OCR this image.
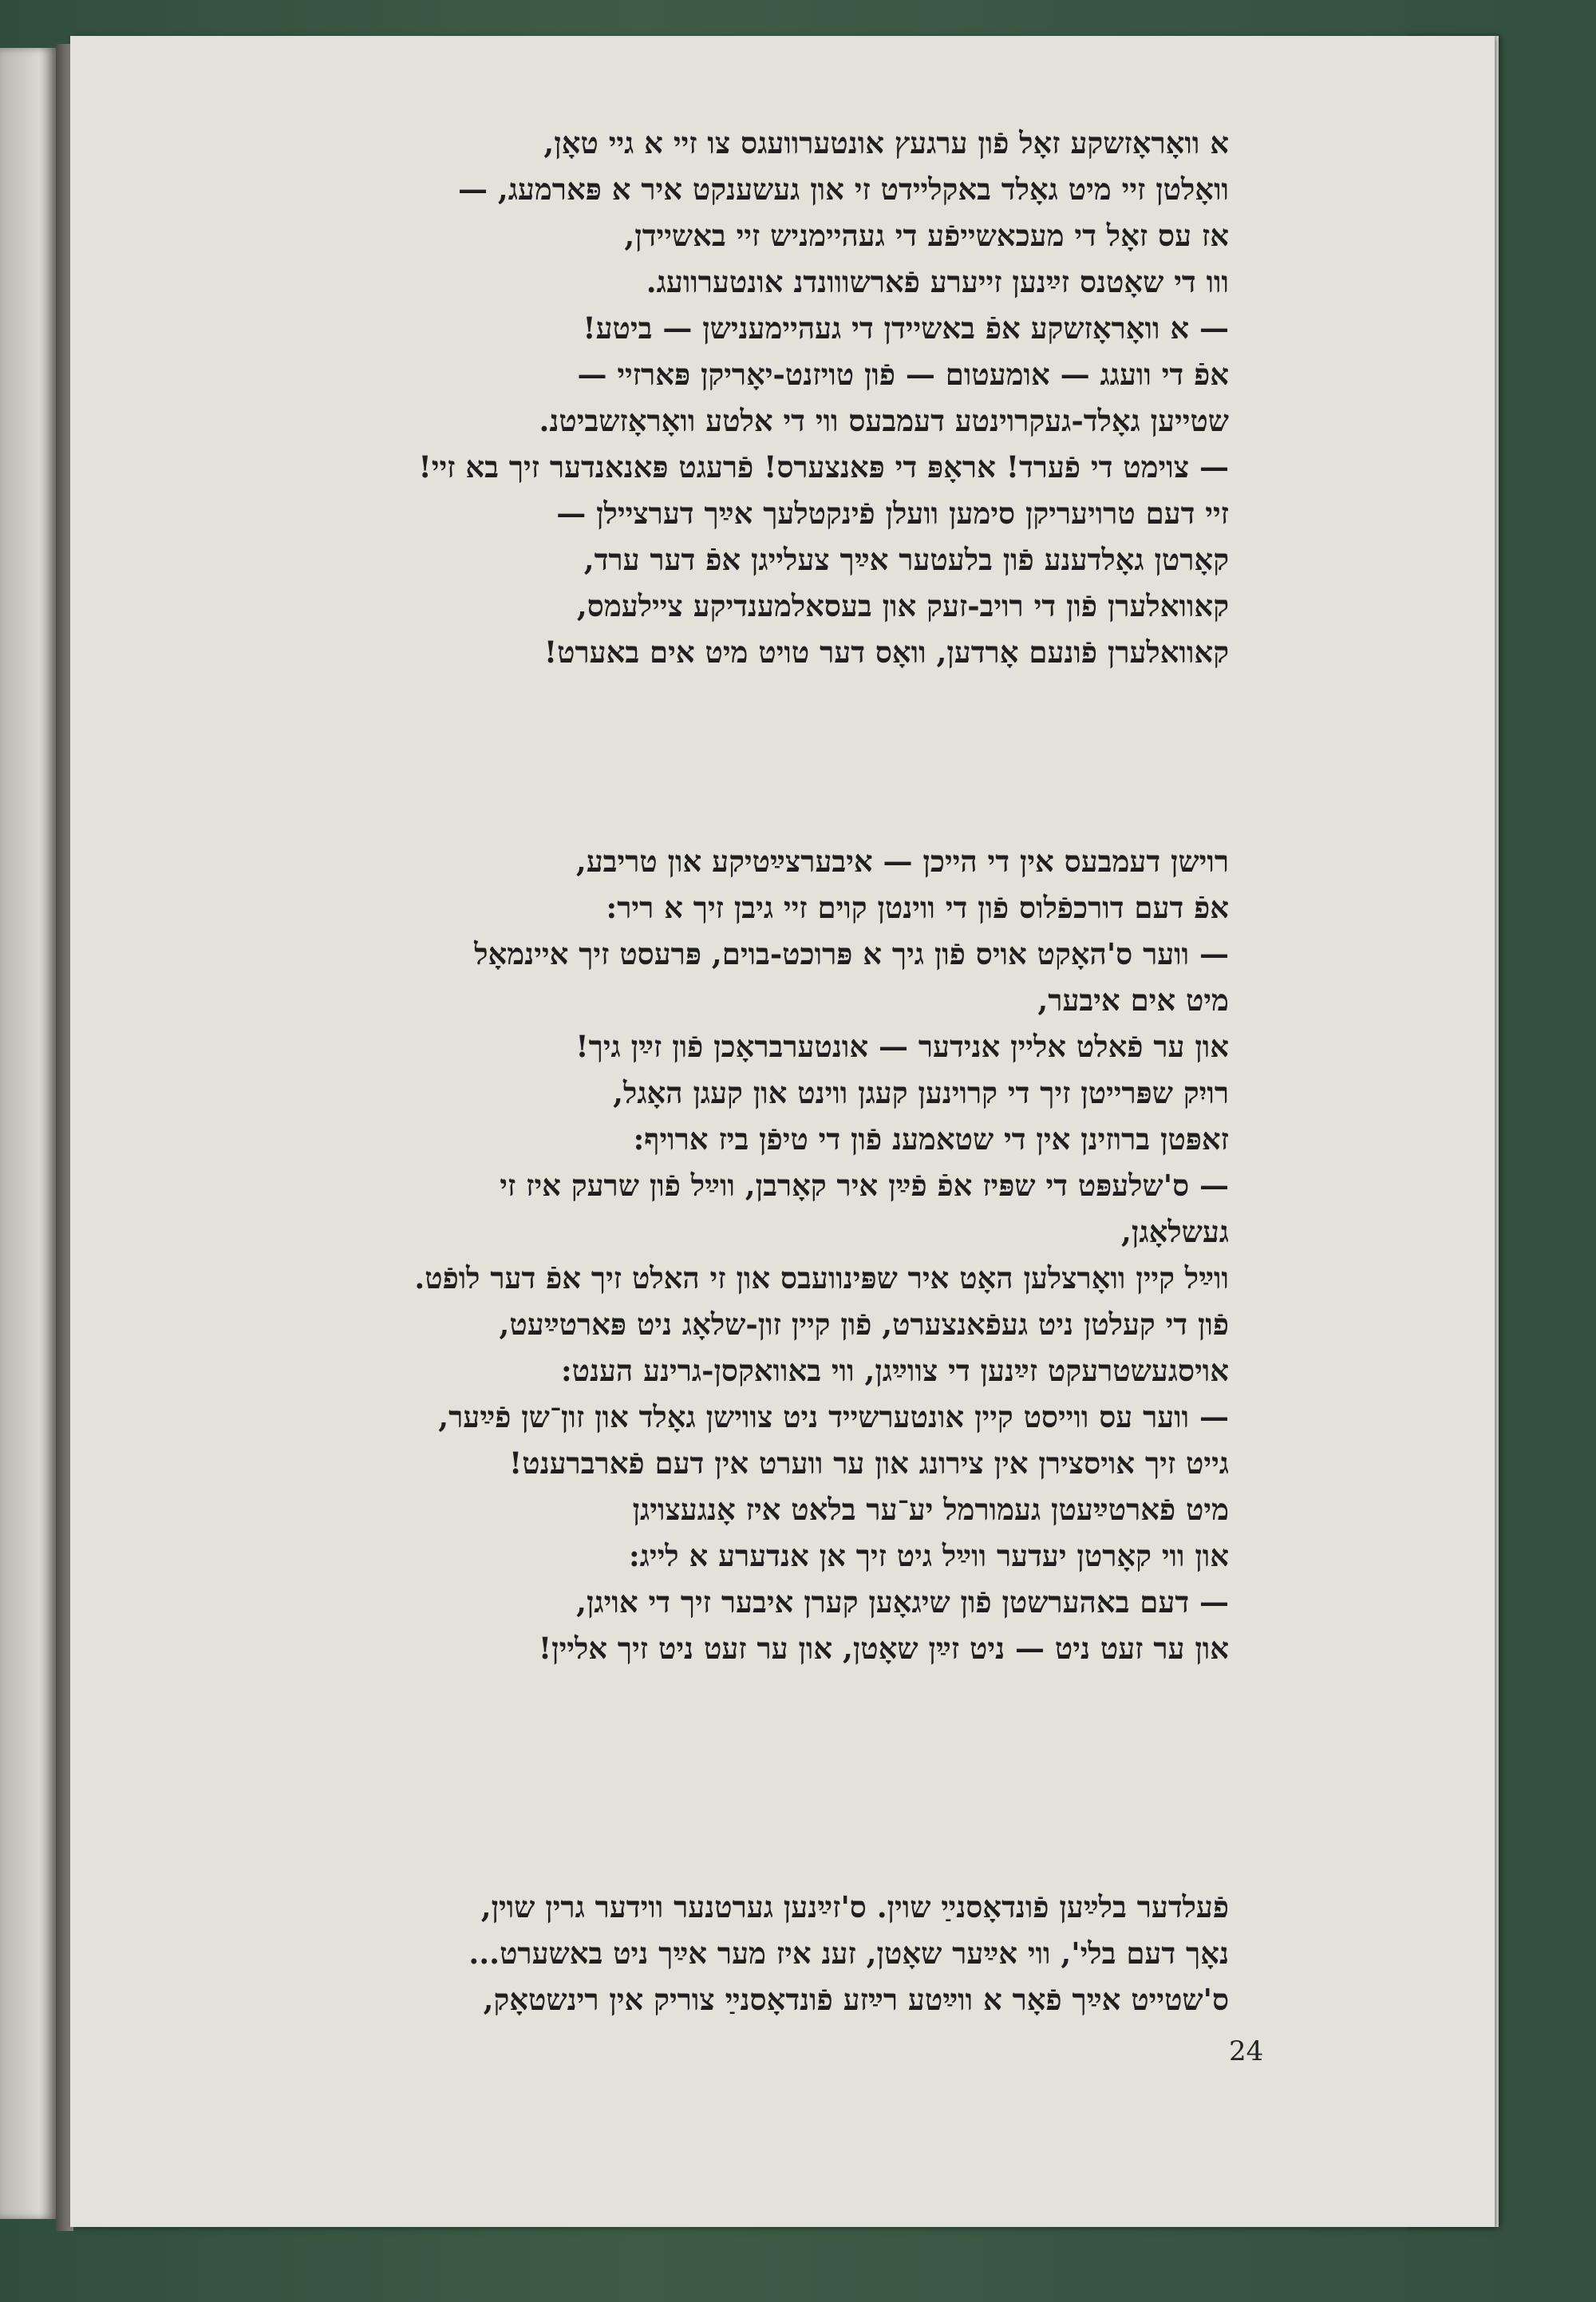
א וואָראָזשקע זאָל פֿון ערגעץ אונטערוועגס צו זיי א גיי טאָן,
וואָלטן זיי מיט גאָלד באקליידט זי און געשענקט איר א פּארמעג, —
אז עס זאָל די מעכאשייפֿע די געהיימניש זיי באשיידן,
ווו די שאָטנס זײַנען זייערע פֿארשווונדנ אונטערוועג.
— א וואָראָזשקע אפֿ באשיידן די געהיימענישן — ביטע!
אפֿ די וועגג — אומעטום — פֿון טויזנט-יאָריקן פּארזיי —
שטייען גאָלד-געקרוינטע דעמבעס ווי די אלטע וואָראָזשביטנ.
— צוימט די פֿערד! אראָפּ די פּאנצערס! פֿרעגט פּאנאנדער זיך בא זיי!
זיי דעם טרויעריקן סימען וועלן פֿינקטלעך אײַך דערציילן —
קאָרטן גאָלדענע פֿון בלעטער אײַך צעלייגן אפֿ דער ערד,
קאוואלערן פֿון די רויב-זעק און בעסאלמענדיקע ציילעמס,
קאוואלערן פֿונעם אָרדען, וואָס דער טויט מיט אים באערט!
רוישן דעמבעס אין די הייכן — איבערצײַטיקע און טריבע,
אפֿ דעם דורכפֿלוס פֿון די ווינטן קוים זיי גיבן זיך א ריר:
— ווער ס'האָקט אויס פֿון גיך א פּרוכט-בוים, פּרעסט זיך איינמאָל
מיט אים איבער,
און ער פֿאלט אליין אנידער — אונטערבראָכן פֿון זײַן גיך!
רויִק שפּרייטן זיך די קרוינען קעגן ווינט און קעגן האָגל,
זאפּטן ברוזינן אין די שטאמענ פֿון די טיפֿן ביז ארויף:
— ס'שלעפּט די שפּיז אפֿ פֿײַן איר קאָרבן, ווײַל פֿון שרעק איז זי
געשלאָגן,
ווײַל קיין וואָרצלען האָט איר שפּינוועבס און זי האלט זיך אפֿ דער לופֿט.
פֿון די קעלטן ניט געפֿאנצערט, פֿון קיין זון-שלאָג ניט פּארטײַעט,
אויסגעשטרעקט זײַנען די צווײַגן, ווי באוואקסן-גרינע הענט:
— ווער עס ווייסט קיין אונטערשייד ניט צווישן גאָלד און זון־שן פֿײַער,
גייט זיך אויסצירן אין צירונג און ער ווערט אין דעם פֿארברענט!
מיט פֿארטײַעטן געמורמל יע־ער בלאט איז אָנגעצויגן
און ווי קאָרטן יעדער ווײַל גיט זיך אן אנדערע א לייג:
— דעם באהערשטן פֿון שיגאָען קערן איבער זיך די אויגן,
און ער זעט ניט — ניט זײַן שאָטן, און ער זעט ניט זיך אליין!
פֿעלדער בלײַען פֿונדאָסנײַ שוין. ס'זײַנען גערטנער ווידער גרין שוין,
נאָך דעם בלי', ווי אײַער שאָטן, זענ איז מער אײַך ניט באשערט...
ס'שטייט אײַך פֿאָר א ווײַטע רײַזע פֿונדאָסנײַ צוריק אין רינשטאָק,
24
